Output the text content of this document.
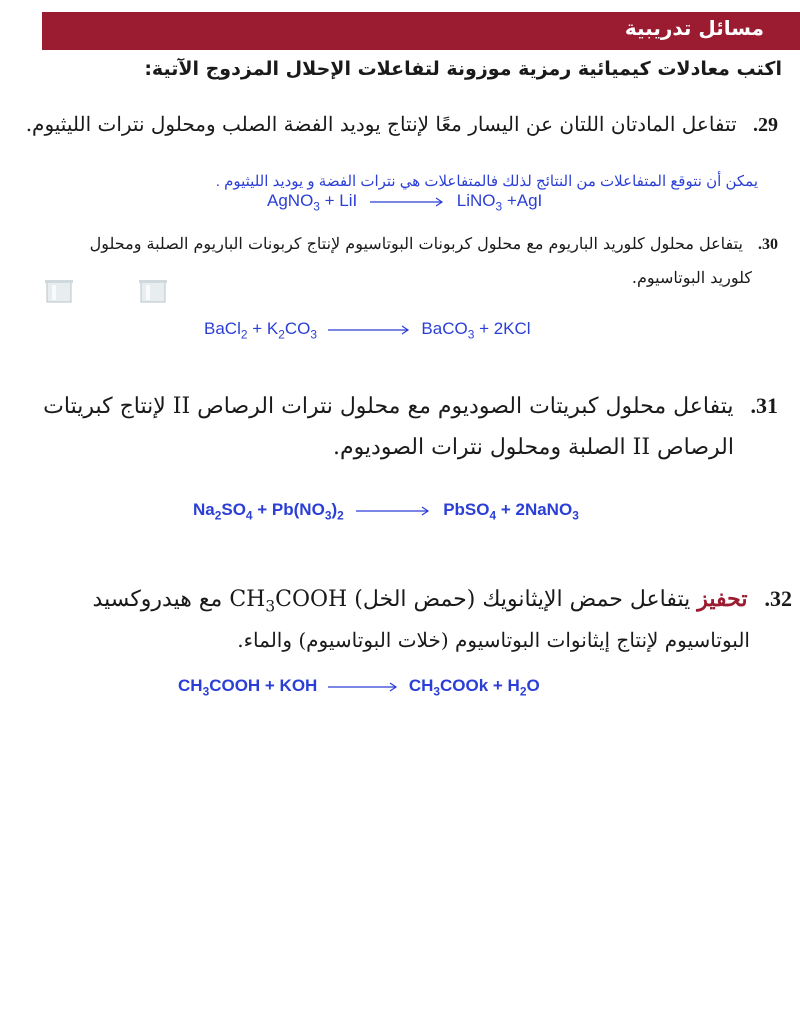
مسائل تدريبية
اكتب معادلات كيميائية رمزية موزونة لتفاعلات الإحلال المزدوج الآتية:
29. تتفاعل المادتان اللتان عن اليسار معًا لإنتاج يوديد الفضة الصلب ومحلول نترات الليثيوم.
يمكن أن نتوقع المتفاعلات من النتائج لذلك فالمتفاعلات هي نترات الفضة و يوديد الليثيوم .
AgNO$_3$ + LiI	LiNO$_3$ +AgI
30. يتفاعل محلول كلوريد الباريوم مع محلول كربونات البوتاسيوم لإنتاج كربونات الباريوم الصلبة ومحلول
كلوريد البوتاسيوم.
BaCl$_2$ + $K_2CO_3$	BaCO$_3$ + 2KCl
31. يتفاعل محلول كبريتات الصوديوم مع محلول نترات الرصاص II لإنتاج كبريتات
الرصاص II الصلبة ومحلول نترات الصوديوم.
$Na_2SO_4 + Pb(NO_3)_2$	PbSO$_4$ + 2NaNO$_3$
32. تحفيز يتفاعل حمض الإيثانويك (حمض الخل) $CH_3COOH$ مع هيدروكسيد
البوتاسيوم لإنتاج إيثانوات البوتاسيوم (خلات البوتاسيوم) والماء.
$CH_3COOH$ + KOH	$CH_3COOk + H_2O$
